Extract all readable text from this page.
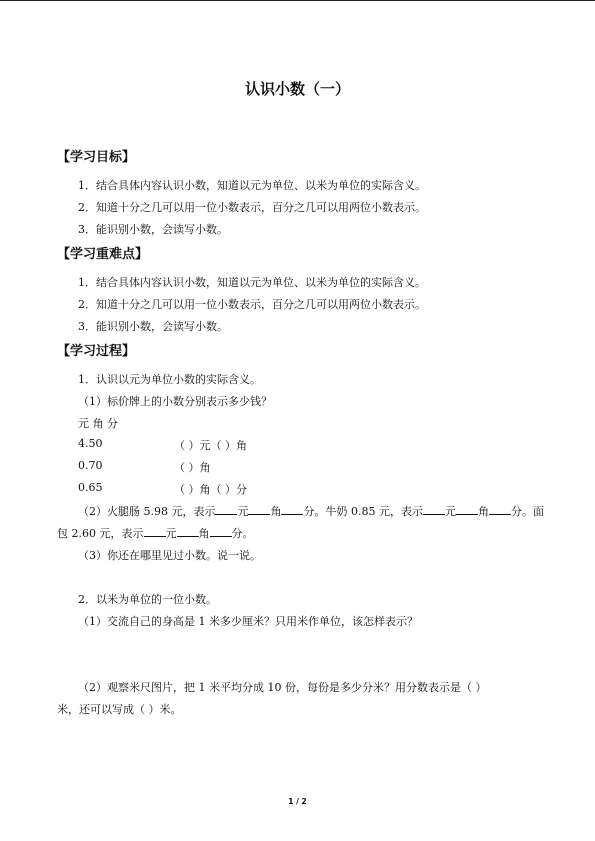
认识小数（一）
【学习目标】
1．结合具体内容认识小数，知道以元为单位、以米为单位的实际含义。
2．知道十分之几可以用一位小数表示，百分之几可以用两位小数表示。
3．能识别小数，会读写小数。
【学习重难点】
1．结合具体内容认识小数，知道以元为单位、以米为单位的实际含义。
2．知道十分之几可以用一位小数表示，百分之几可以用两位小数表示。
3．能识别小数，会读写小数。
【学习过程】
1．认识以元为单位小数的实际含义。
（1）标价牌上的小数分别表示多少钱？
元 角 分
4.50	（ ）元（ ）角
0.70	（ ）角
0.65	（ ）角（ ）分
（2）火腿肠 5.98 元，表示 元 角 分。牛奶 0.85 元，表示 元 角 分。面
包 2.60 元，表示 元 角 分。
（3）你还在哪里见过小数。说一说。
2．以米为单位的一位小数。
（1）交流自己的身高是 1 米多少厘米？只用米作单位，该怎样表示？
（2）观察米尺图片，把 1 米平均分成 10 份，每份是多少分米？用分数表示是（ ）
米，还可以写成（ ）米。
1 / 2
